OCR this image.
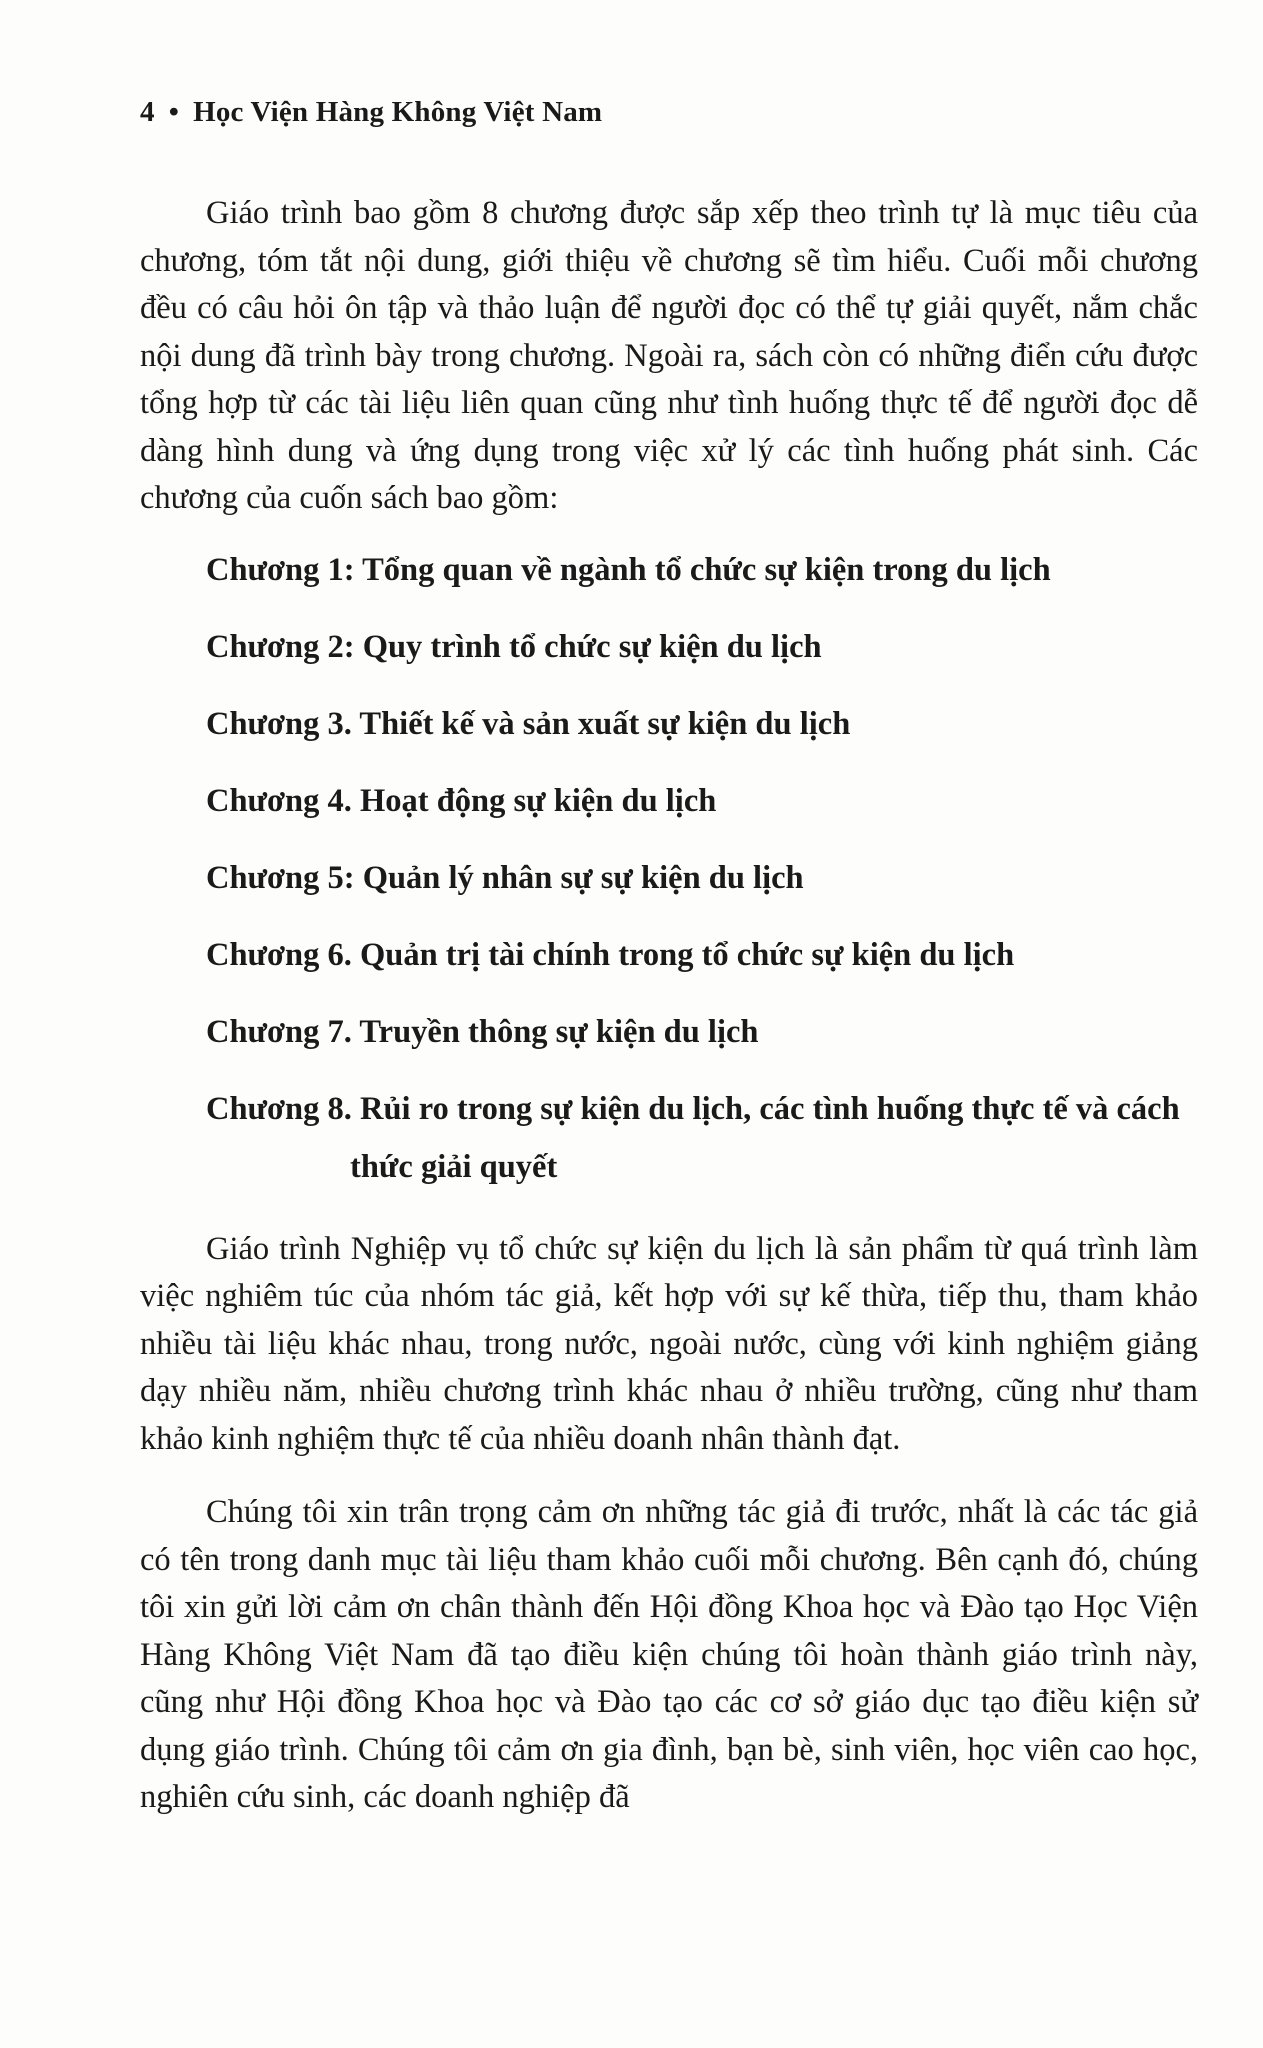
4 • Học Viện Hàng Không Việt Nam

Giáo trình bao gồm 8 chương được sắp xếp theo trình tự là mục tiêu của chương, tóm tắt nội dung, giới thiệu về chương sẽ tìm hiểu. Cuối mỗi chương đều có câu hỏi ôn tập và thảo luận để người đọc có thể tự giải quyết, nắm chắc nội dung đã trình bày trong chương. Ngoài ra, sách còn có những điển cứu được tổng hợp từ các tài liệu liên quan cũng như tình huống thực tế để người đọc dễ dàng hình dung và ứng dụng trong việc xử lý các tình huống phát sinh. Các chương của cuốn sách bao gồm:

Chương 1: Tổng quan về ngành tổ chức sự kiện trong du lịch
Chương 2: Quy trình tổ chức sự kiện du lịch
Chương 3. Thiết kế và sản xuất sự kiện du lịch
Chương 4. Hoạt động sự kiện du lịch
Chương 5: Quản lý nhân sự sự kiện du lịch
Chương 6. Quản trị tài chính trong tổ chức sự kiện du lịch
Chương 7. Truyền thông sự kiện du lịch
Chương 8. Rủi ro trong sự kiện du lịch, các tình huống thực tế và cách thức giải quyết

Giáo trình Nghiệp vụ tổ chức sự kiện du lịch là sản phẩm từ quá trình làm việc nghiêm túc của nhóm tác giả, kết hợp với sự kế thừa, tiếp thu, tham khảo nhiều tài liệu khác nhau, trong nước, ngoài nước, cùng với kinh nghiệm giảng dạy nhiều năm, nhiều chương trình khác nhau ở nhiều trường, cũng như tham khảo kinh nghiệm thực tế của nhiều doanh nhân thành đạt.

Chúng tôi xin trân trọng cảm ơn những tác giả đi trước, nhất là các tác giả có tên trong danh mục tài liệu tham khảo cuối mỗi chương. Bên cạnh đó, chúng tôi xin gửi lời cảm ơn chân thành đến Hội đồng Khoa học và Đào tạo Học Viện Hàng Không Việt Nam đã tạo điều kiện chúng tôi hoàn thành giáo trình này, cũng như Hội đồng Khoa học và Đào tạo các cơ sở giáo dục tạo điều kiện sử dụng giáo trình. Chúng tôi cảm ơn gia đình, bạn bè, sinh viên, học viên cao học, nghiên cứu sinh, các doanh nghiệp đã
